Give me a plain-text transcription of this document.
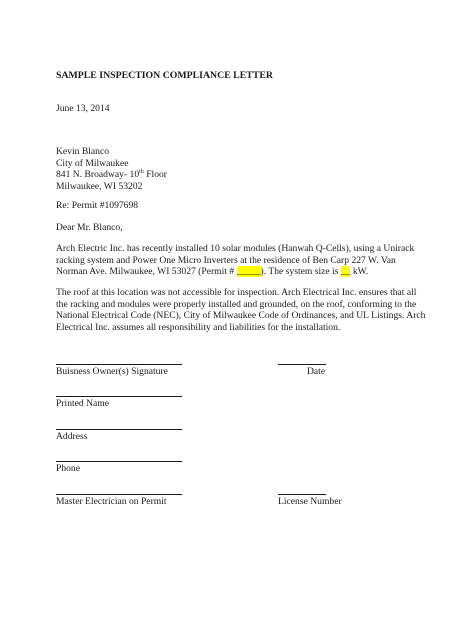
SAMPLE INSPECTION COMPLIANCE LETTER
June 13, 2014
Kevin Blanco
City of Milwaukee
841 N. Broadway- 10th Floor
Milwaukee, WI 53202
Re: Permit #1097698
Dear Mr. Blanco,
Arch Electric Inc. has recently installed 10 solar modules (Hanwah Q-Cells), using a Unirack
racking system and Power One Micro Inverters at the residence of Ben Carp 227 W. Van
Norman Ave. Milwaukee, WI 53027 (Permit # _____). The system size is __ kW.
The roof at this location was not accessible for inspection. Arch Electrical Inc. ensures that all
the racking and modules were properly installed and grounded, on the roof, conforming to the
National Electrical Code (NEC), City of Milwaukee Code of Ordinances, and UL Listings. Arch
Electrical Inc. assumes all responsibility and liabilities for the installation.
Buisness Owner(s) Signature	Date
Printed Name
Address
Phone
Master Electrician on Permit	License Number
